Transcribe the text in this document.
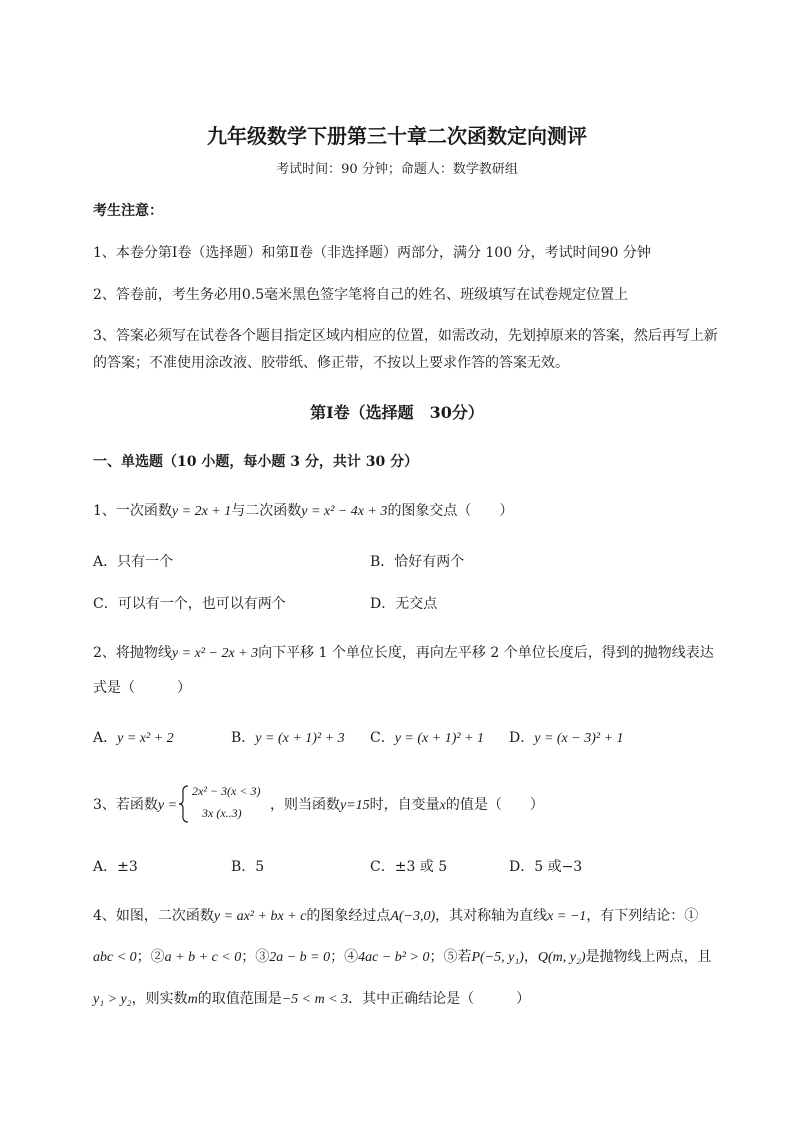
九年级数学下册第三十章二次函数定向测评
考试时间：90 分钟；命题人：数学教研组
考生注意：
1、本卷分第Ⅰ卷（选择题）和第Ⅱ卷（非选择题）两部分，满分 100 分，考试时间90 分钟
2、答卷前，考生务必用0.5毫米黑色签字笔将自己的姓名、班级填写在试卷规定位置上
3、答案必须写在试卷各个题目指定区域内相应的位置，如需改动，先划掉原来的答案，然后再写上新
的答案；不准使用涂改液、胶带纸、修正带，不按以上要求作答的答案无效。
第Ⅰ卷（选择题　30分）
一、单选题（10 小题，每小题 3 分，共计 30 分）
1、一次函数y = 2x + 1与二次函数y = x² − 4x + 3的图象交点（　　）
A．只有一个	B．恰好有两个
C．可以有一个，也可以有两个	D．无交点
2、将抛物线y = x² − 2x + 3向下平移 1 个单位长度，再向左平移 2 个单位长度后，得到的抛物线表达
式是（　　　）
A．y = x² + 2	B．y = (x + 1)² + 3 C．y = (x + 1)² + 1 D．y = (x − 3)² + 1
3、若函数y =
2x² − 3(x < 3)
3x (x..3) ，则当函数y=15时，自变量x的值是（　　）
A．±3	B．5	C．±3 或 5	D．5 或−3
4、如图，二次函数y = ax² + bx + c的图象经过点A(−3,0)，其对称轴为直线x = −1，有下列结论：①
abc < 0；②a + b + c < 0；③2a − b = 0；④4ac − b² > 0；⑤若P(−5, y₁)，Q(m, y₂)是抛物线上两点，且
y₁ > y₂，则实数m的取值范围是−5 < m < 3．其中正确结论是（　　　）
